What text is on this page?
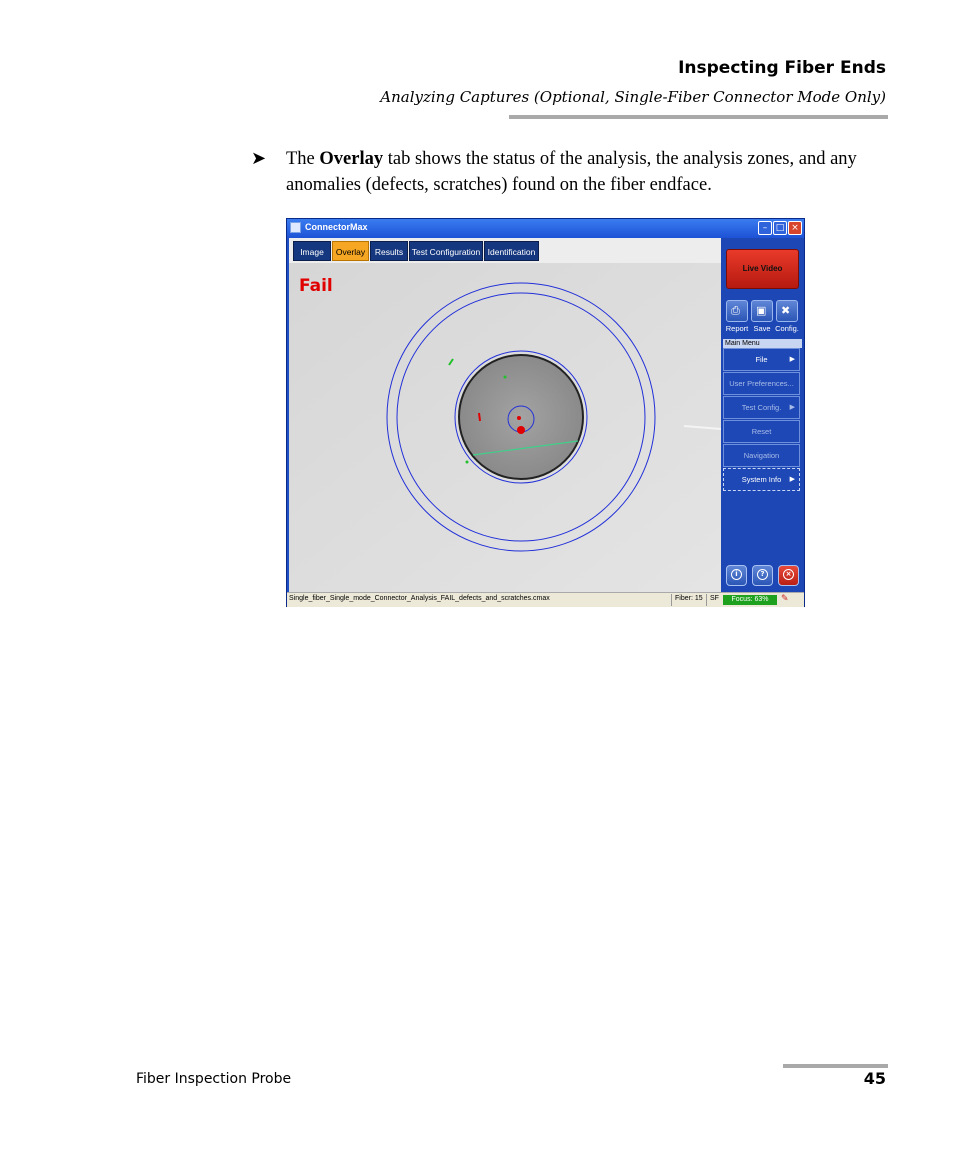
Inspecting Fiber Ends
Analyzing Captures (Optional, Single-Fiber Connector Mode Only)
➤ The Overlay tab shows the status of the analysis, the analysis zones, and any anomalies (defects, scratches) found on the fiber endface.
ConnectorMax	– □ ×
Image	Overlay	Results	Test Configuration Identification
Fail
Live Video
⎙ ▣ ✖
Report Save Config.
Main Menu
File	▶
User Preferences...
Test Config. ▶
Reset
Navigation
System Info ▶
i	?	×
Single_fiber_Single_mode_Connector_Analysis_FAIL_defects_and_scratches.cmax	Fiber: 15 SF	Focus: 63%	✎
Fiber Inspection Probe	45
